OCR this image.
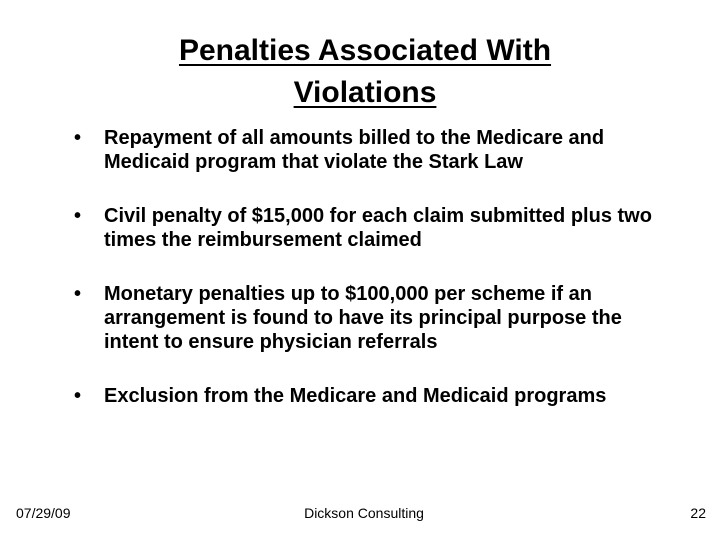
Penalties Associated With
Violations
• Repayment of all amounts billed to the Medicare and Medicaid program that violate the Stark Law
• Civil penalty of $15,000 for each claim submitted plus two times the reimbursement claimed
• Monetary penalties up to $100,000 per scheme if an arrangement is found to have its principal purpose the intent to ensure physician referrals
• Exclusion from the Medicare and Medicaid programs
07/29/09	Dickson Consulting	22
